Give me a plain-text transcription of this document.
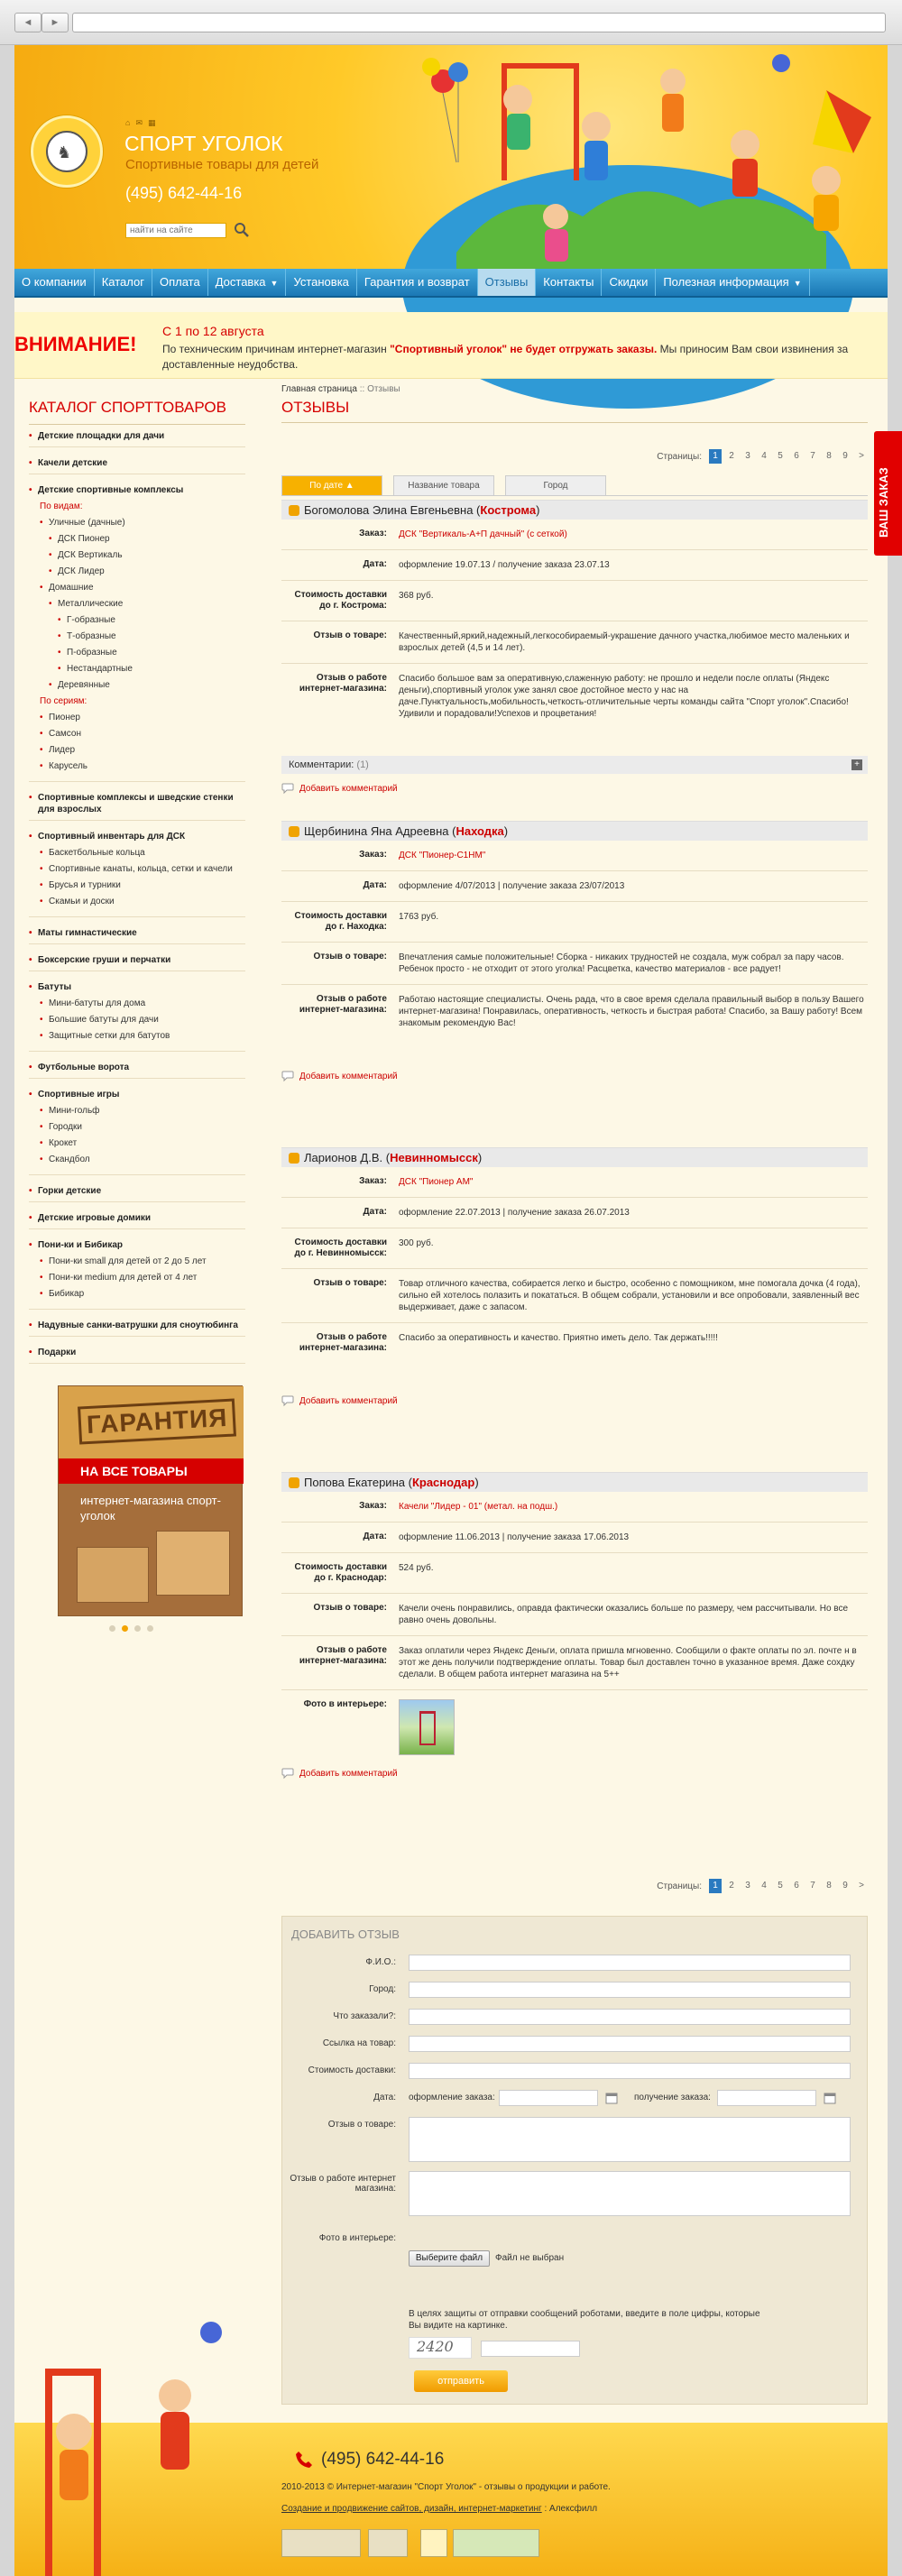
◄	►
♞
⌂✉▦
СПОРТ УГОЛОК
Спортивные товары для детей
(495) 642-44-16
найти на сайте
О компании	Каталог	Оплата	Доставка ▼	Установка	Гарантия и возврат	Отзывы	Контакты	Скидки	Полезная информация ▼
ВНИМАНИЕ!
С 1 по 12 августа
По техническим причинам интернет-магазин "Спортивный уголок" не будет отгружать заказы. Мы приносим Вам свои извинения за доставленные неудобства.
ВАШ ЗАКАЗ
КАТАЛОГ СПОРТТОВАРОВ
• Детские площадки для дачи
• Качели детские
• Детские спортивные комплексы
По видам:
• Уличные (дачные)
• ДСК Пионер
• ДСК Вертикаль
• ДСК Лидер
• Домашние
• Металлические
• Г-образные
• Т-образные
• П-образные
• Нестандартные
• Деревянные
По сериям:
• Пионер
• Самсон
• Лидер
• Карусель
• Спортивные комплексы и шведские стенки для взрослых
• Спортивный инвентарь для ДСК
• Баскетбольные кольца
• Спортивные канаты, кольца, сетки и качели
• Брусья и турники
• Скамьи и доски
• Маты гимнастические
• Боксерские груши и перчатки
• Батуты
• Мини-батуты для дома
• Большие батуты для дачи
• Защитные сетки для батутов
• Футбольные ворота
• Спортивные игры
• Мини-гольф
• Городки
• Крокет
• Скандбол
• Горки детские
• Детские игровые домики
• Пони-ки и Бибикар
• Пони-ки small для детей от 2 до 5 лет
• Пони-ки medium для детей от 4 лет
• Бибикар
• Надувные санки-ватрушки для сноутюбинга
• Подарки
ГАРАНТИЯ
НА ВСЕ ТОВАРЫ
интернет-магазина спорт-уголок
Главная страница :: Отзывы
ОТЗЫВЫ
Страницы:	1	2	3	4	5	6	7	8	9	>
По дате ▲	Название товара	Город
Богомолова Элина Евгеньевна (Кострома)
Заказ:	ДСК "Вертикаль-А+П дачный" (с сеткой)
Дата:	оформление 19.07.13 / получение заказа 23.07.13
Стоимость доставки
до г. Кострома:
368 руб.
Отзыв о товаре:	Качественный,яркий,надежный,легкособираемый-украшение дачного участка,любимое место маленьких и взрослых детей (4,5 и 14 лет).
Отзыв о работе интернет-магазина:
Спасибо большое вам за оперативную,слаженную работу: не прошло и недели после оплаты (Яндекс деньги),спортивный уголок уже занял свое достойное место у нас на даче.Пунктуальность,мобильность,четкость-отличительные черты команды сайта "Спорт уголок".Спасибо!Удивили и порадовали!Успехов и процветания!
Комментарии: (1)	+
Добавить комментарий
Щербинина Яна Адреевна (Находка)
Заказ:	ДСК "Пионер-С1НМ"
Дата:	оформление 4/07/2013 | получение заказа 23/07/2013
Стоимость доставки
до г. Находка:
1763 руб.
Отзыв о товаре:	Впечатления самые положительные! Сборка - никаких трудностей не создала, муж собрал за пару часов. Ребенок просто - не отходит от этого уголка! Расцветка, качество материалов - все радует!
Отзыв о работе интернет-магазина:
Работаю настоящие специалисты. Очень рада, что в свое время сделала правильный выбор в пользу Вашего интернет-магазина! Понравилась, оперативность, четкость и быстрая работа! Спасибо, за Вашу работу! Всем знакомым рекомендую Вас!
Добавить комментарий
Ларионов Д.В. (Невинномысск)
Заказ:	ДСК "Пионер АМ"
Дата:	оформление 22.07.2013 | получение заказа 26.07.2013
Стоимость доставки
до г. Невинномысск:
300 руб.
Отзыв о товаре:	Товар отличного качества, собирается легко и быстро, особенно с помощником, мне помогала дочка (4 года), сильно ей хотелось полазить и покататься. В общем собрали, установили и все опробовали, заявленный вес выдерживает, даже с запасом.
Отзыв о работе интернет-магазина:
Спасибо за оперативность и качество. Приятно иметь дело. Так держать!!!!!
Добавить комментарий
Попова Екатерина (Краснодар)
Заказ:	Качели "Лидер - 01" (метал. на подш.)
Дата:	оформление 11.06.2013 | получение заказа 17.06.2013
Стоимость доставки
до г. Краснодар:
524 руб.
Отзыв о товаре:	Качели очень понравились, оправда фактически оказались больше по размеру, чем рассчитывали. Но все равно очень довольны.
Отзыв о работе интернет-магазина:
Заказ оплатили через Яндекс Деньги, оплата пришла мгновенно. Сообщили о факте оплаты по эл. почте н в этот же день получили подтверждение оплаты. Товар был доставлен точно в указанное время. Даже сохдку сделали. В общем работа интернет магазина на 5++
Фото в интерьере:
Добавить комментарий
Страницы:	1	2	3	4	5	6	7	8	9	>
ДОБАВИТЬ ОТЗЫВ
Ф.И.О.:
Город:
Что заказали?:
Ссылка на товар:
Стоимость доставки:
Дата: оформление заказа:	получение заказа:
Отзыв о товаре:
Отзыв о работе интернет магазина:
Фото в интерьере:
Выберите файл	Файл не выбран
В целях защиты от отправки сообщений роботами, введите в поле цифры, которые Вы видите на картинке.
2420
отправить
(495) 642-44-16
2010-2013 © Интернет-магазин "Спорт Уголок" - отзывы о продукции и работе.
Создание и продвижение сайтов, дизайн, интернет-маркетинг : Алексфилл
